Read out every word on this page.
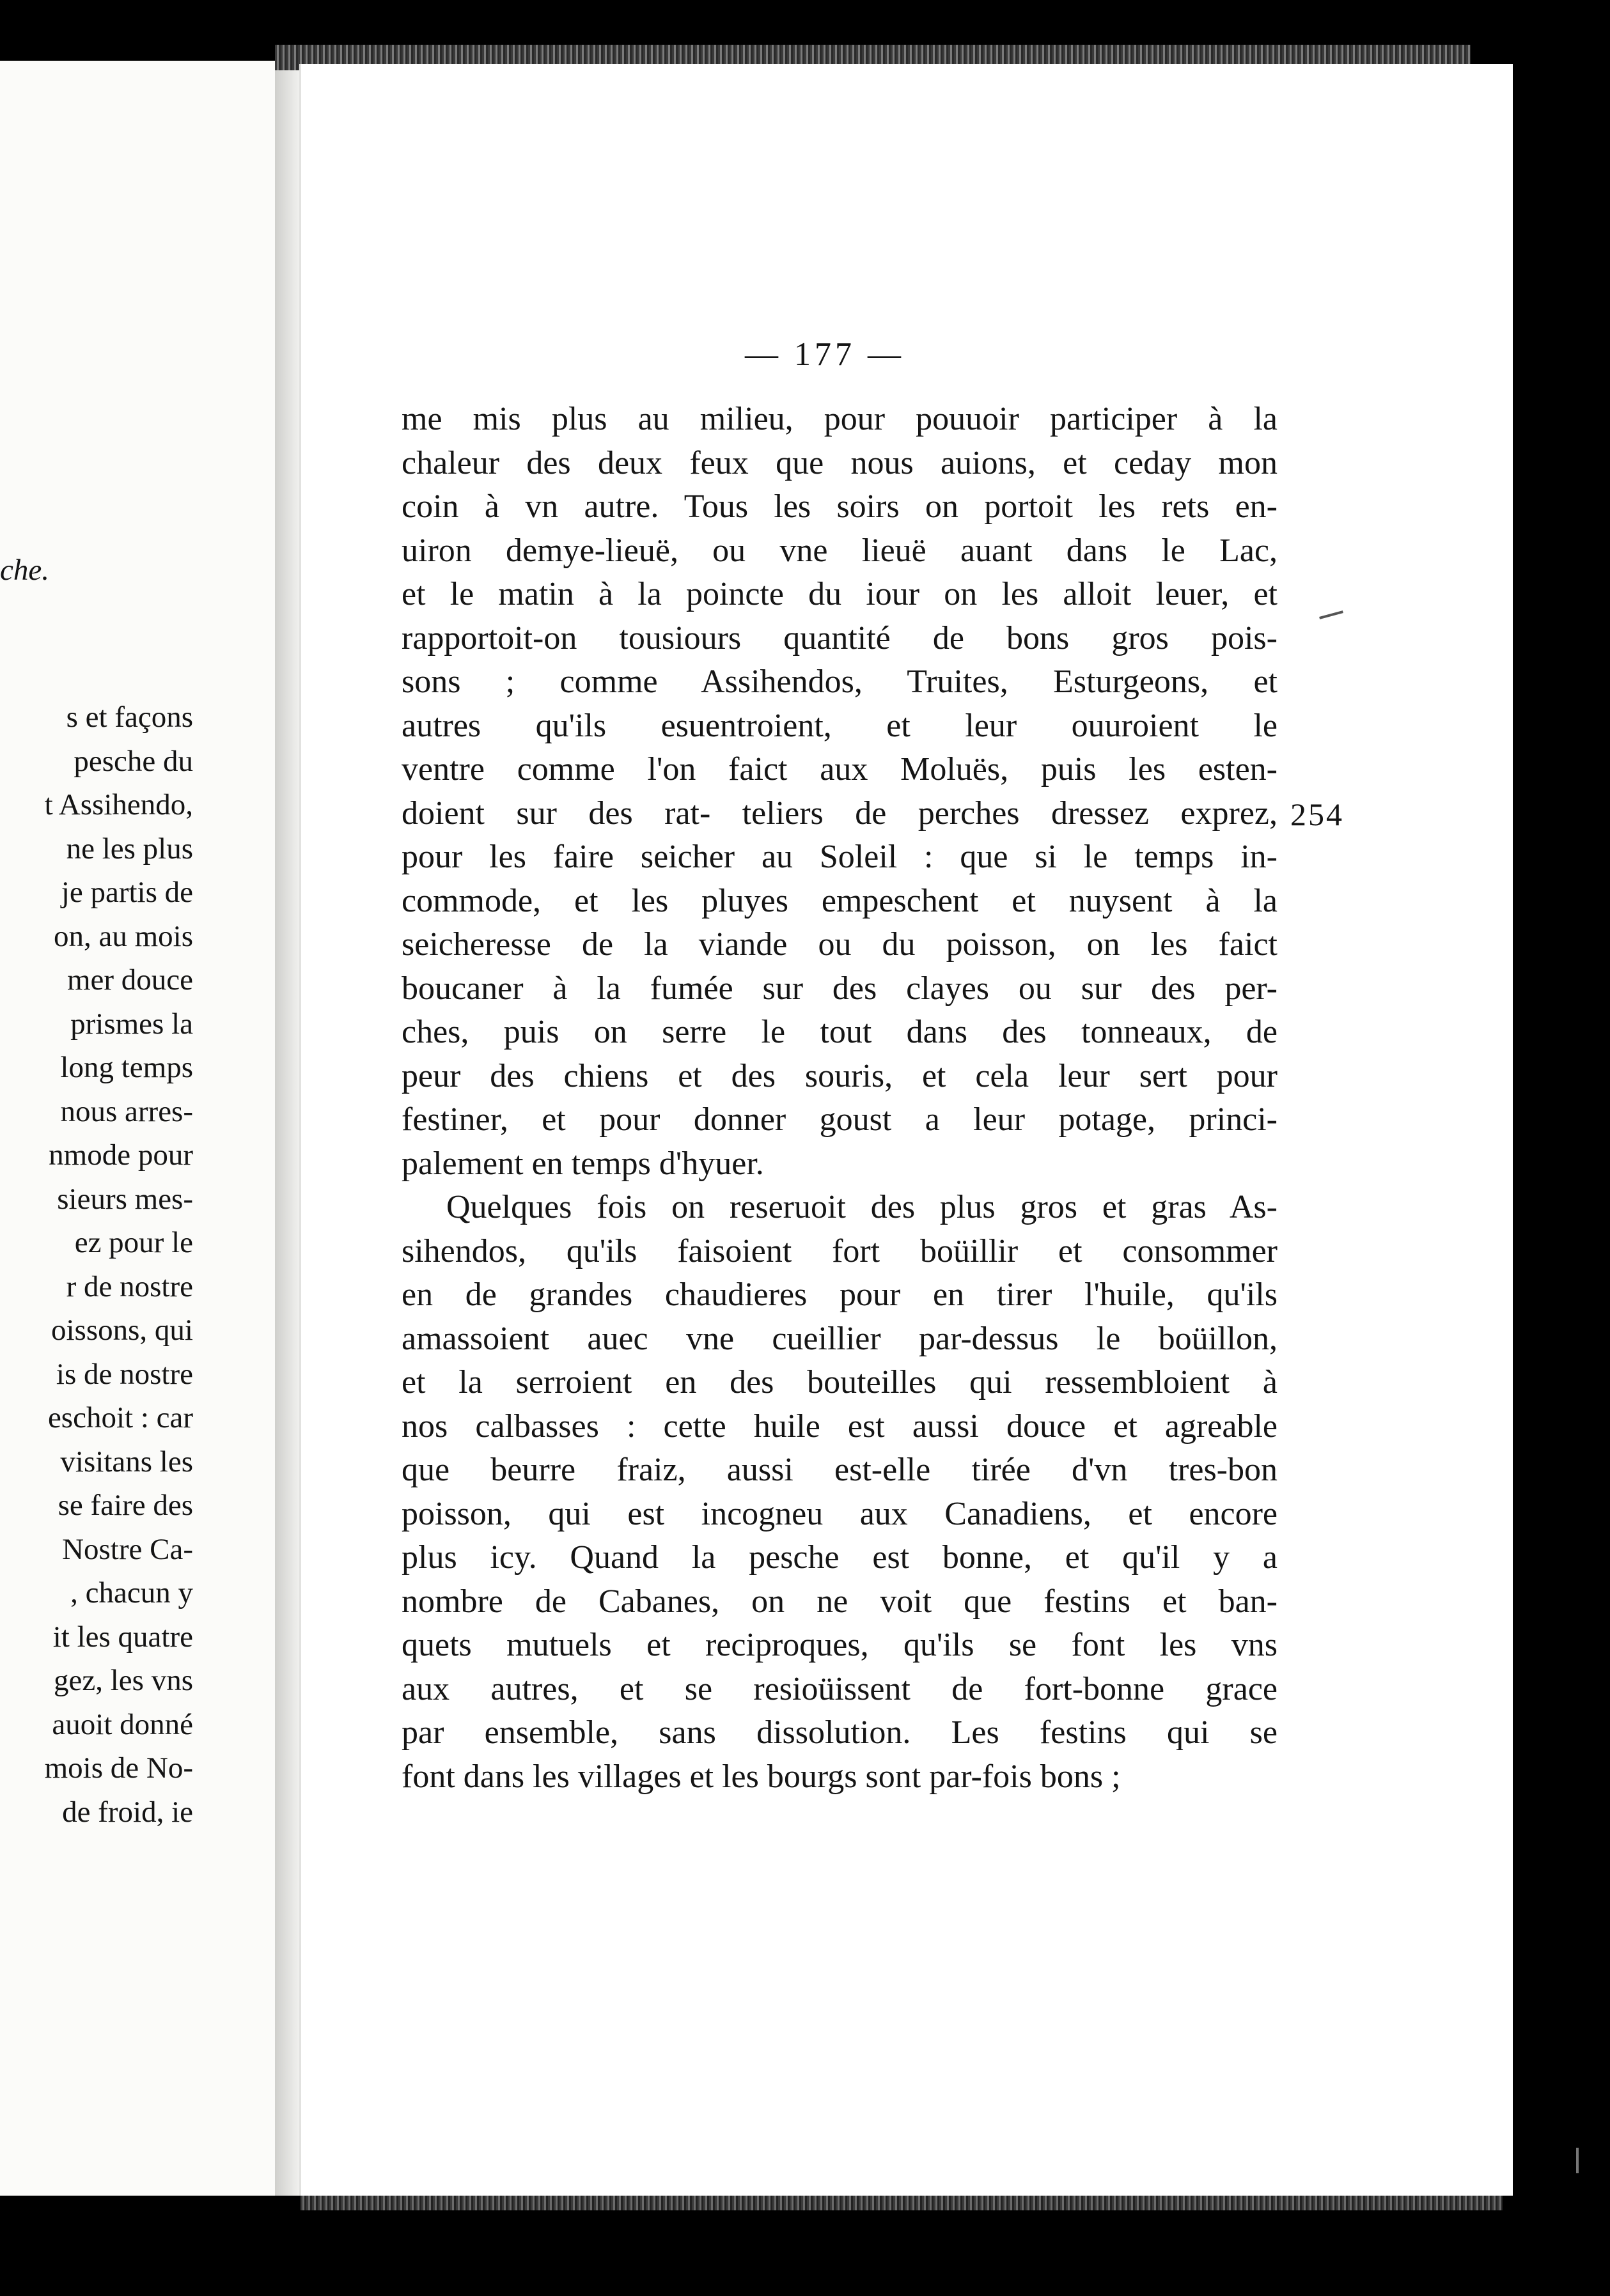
che.
s et façons
pesche du
t Assihendo,
ne les plus
je partis de
on, au mois
mer douce
prismes la
long temps
nous arres-
nmode pour
sieurs mes-
ez pour le
r de nostre
oissons, qui
is de nostre
eschoit : car
visitans les
se faire des
Nostre Ca-
, chacun y
it les quatre
gez, les vns
auoit donné
mois de No-
de froid, ie
— 177 —
254
me mis plus au milieu, pour pouuoir participer à la
chaleur des deux feux que nous auions, et ceday mon
coin à vn autre. Tous les soirs on portoit les rets en-
uiron demye-lieuë, ou vne lieuë auant dans le Lac,
et le matin à la poincte du iour on les alloit leuer, et
rapportoit-on tousiours quantité de bons gros pois-
sons ; comme Assihendos, Truites, Esturgeons, et
autres qu'ils esuentroient, et leur ouuroient le
ventre comme l'on faict aux Moluës, puis les esten-
doient sur des rat- teliers de perches dressez exprez,
pour les faire seicher au Soleil : que si le temps in-
commode, et les pluyes empeschent et nuysent à la
seicheresse de la viande ou du poisson, on les faict
boucaner à la fumée sur des clayes ou sur des per-
ches, puis on serre le tout dans des tonneaux, de
peur des chiens et des souris, et cela leur sert pour
festiner, et pour donner goust a leur potage, princi-
palement en temps d'hyuer.
Quelques fois on reseruoit des plus gros et gras As-
sihendos, qu'ils faisoient fort boüillir et consommer
en de grandes chaudieres pour en tirer l'huile, qu'ils
amassoient auec vne cueillier par-dessus le boüillon,
et la serroient en des bouteilles qui ressembloient à
nos calbasses : cette huile est aussi douce et agreable
que beurre fraiz, aussi est-elle tirée d'vn tres-bon
poisson, qui est incogneu aux Canadiens, et encore
plus icy. Quand la pesche est bonne, et qu'il y a
nombre de Cabanes, on ne voit que festins et ban-
quets mutuels et reciproques, qu'ils se font les vns
aux autres, et se resioüissent de fort-bonne grace
par ensemble, sans dissolution. Les festins qui se
font dans les villages et les bourgs sont par-fois bons ;
